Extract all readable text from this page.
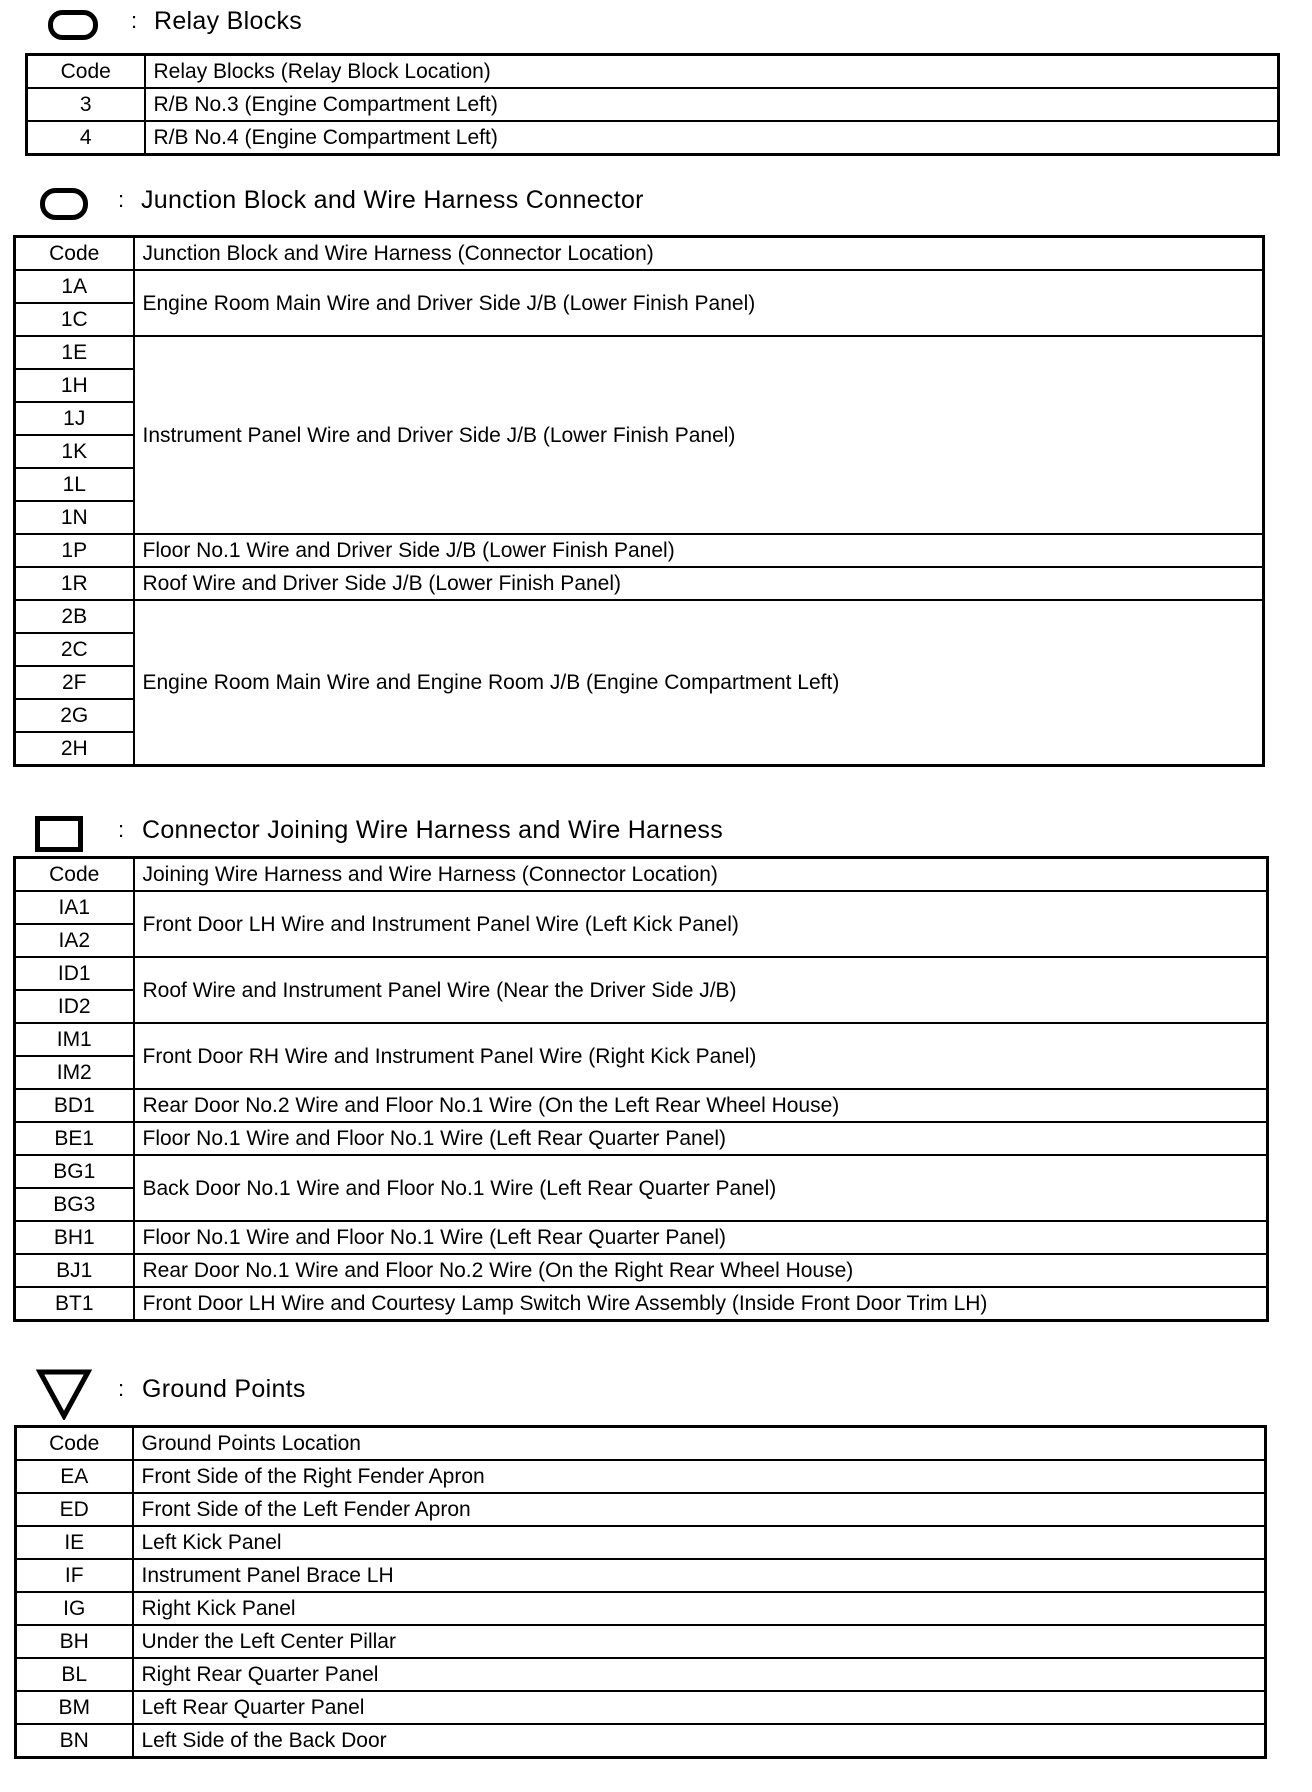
: Relay Blocks
Code	Relay Blocks (Relay Block Location)
3	R/B No.3 (Engine Compartment Left)
4	R/B No.4 (Engine Compartment Left)
: Junction Block and Wire Harness Connector
Code	Junction Block and Wire Harness (Connector Location)
1A	Engine Room Main Wire and Driver Side J/B (Lower Finish Panel)
1C	
1E	Instrument Panel Wire and Driver Side J/B (Lower Finish Panel)
1H	
1J	
1K	
1L	
1N	
1P	Floor No.1 Wire and Driver Side J/B (Lower Finish Panel)
1R	Roof Wire and Driver Side J/B (Lower Finish Panel)
2B	Engine Room Main Wire and Engine Room J/B (Engine Compartment Left)
2C	
2F	
2G	
2H	
: Connector Joining Wire Harness and Wire Harness
Code	Joining Wire Harness and Wire Harness (Connector Location)
IA1	Front Door LH Wire and Instrument Panel Wire (Left Kick Panel)
IA2	
ID1	Roof Wire and Instrument Panel Wire (Near the Driver Side J/B)
ID2	
IM1	Front Door RH Wire and Instrument Panel Wire (Right Kick Panel)
IM2	
BD1	Rear Door No.2 Wire and Floor No.1 Wire (On the Left Rear Wheel House)
BE1	Floor No.1 Wire and Floor No.1 Wire (Left Rear Quarter Panel)
BG1	Back Door No.1 Wire and Floor No.1 Wire (Left Rear Quarter Panel)
BG3	
BH1	Floor No.1 Wire and Floor No.1 Wire (Left Rear Quarter Panel)
BJ1	Rear Door No.1 Wire and Floor No.2 Wire (On the Right Rear Wheel House)
BT1	Front Door LH Wire and Courtesy Lamp Switch Wire Assembly (Inside Front Door Trim LH)
: Ground Points
Code	Ground Points Location
EA	Front Side of the Right Fender Apron
ED	Front Side of the Left Fender Apron
IE	Left Kick Panel
IF	Instrument Panel Brace LH
IG	Right Kick Panel
BH	Under the Left Center Pillar
BL	Right Rear Quarter Panel
BM	Left Rear Quarter Panel
BN	Left Side of the Back Door
